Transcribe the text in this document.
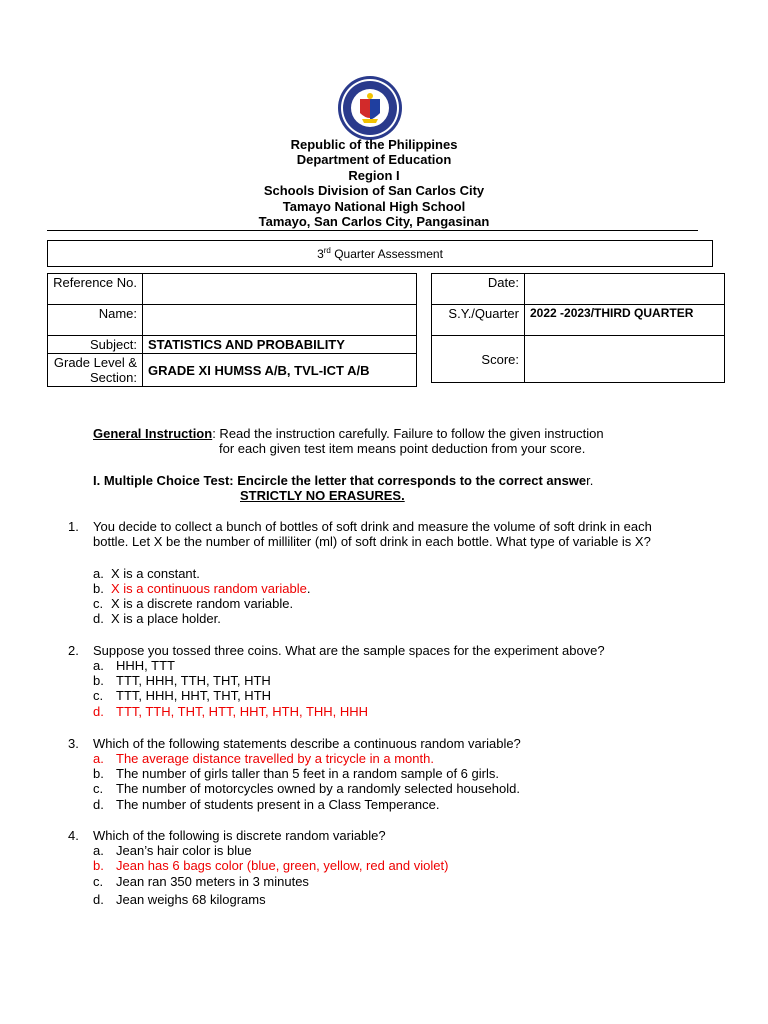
Republic of the Philippines
Department of Education
Region I
Schools Division of San Carlos City
Tamayo National High School
Tamayo, San Carlos City, Pangasinan
3rd Quarter Assessment
Reference No.	
Name:	
Subject:	STATISTICS AND PROBABILITY
Grade Level & Section:	GRADE XI HUMSS A/B, TVL-ICT A/B
Date:	
S.Y./Quarter	2022 -2023/THIRD QUARTER
Score:	
General Instruction: Read the instruction carefully. Failure to follow the given instruction
for each given test item means point deduction from your score.
I. Multiple Choice Test: Encircle the letter that corresponds to the correct answer.
STRICTLY NO ERASURES.
1. You decide to collect a bunch of bottles of soft drink and measure the volume of soft drink in each bottle. Let X be the number of milliliter (ml) of soft drink in each bottle. What type of variable is X?
a. X is a constant.
b. X is a continuous random variable.
c. X is a discrete random variable.
d. X is a place holder.
2. Suppose you tossed three coins. What are the sample spaces for the experiment above?
a. HHH, TTT
b. TTT, HHH, TTH, THT, HTH
c. TTT, HHH, HHT, THT, HTH
d. TTT, TTH, THT, HTT, HHT, HTH, THH, HHH
3. Which of the following statements describe a continuous random variable?
a. The average distance travelled by a tricycle in a month.
b. The number of girls taller than 5 feet in a random sample of 6 girls.
c. The number of motorcycles owned by a randomly selected household.
d. The number of students present in a Class Temperance.
4. Which of the following is discrete random variable?
a. Jean’s hair color is blue
b. Jean has 6 bags color (blue, green, yellow, red and violet)
c. Jean ran 350 meters in 3 minutes
d. Jean weighs 68 kilograms
